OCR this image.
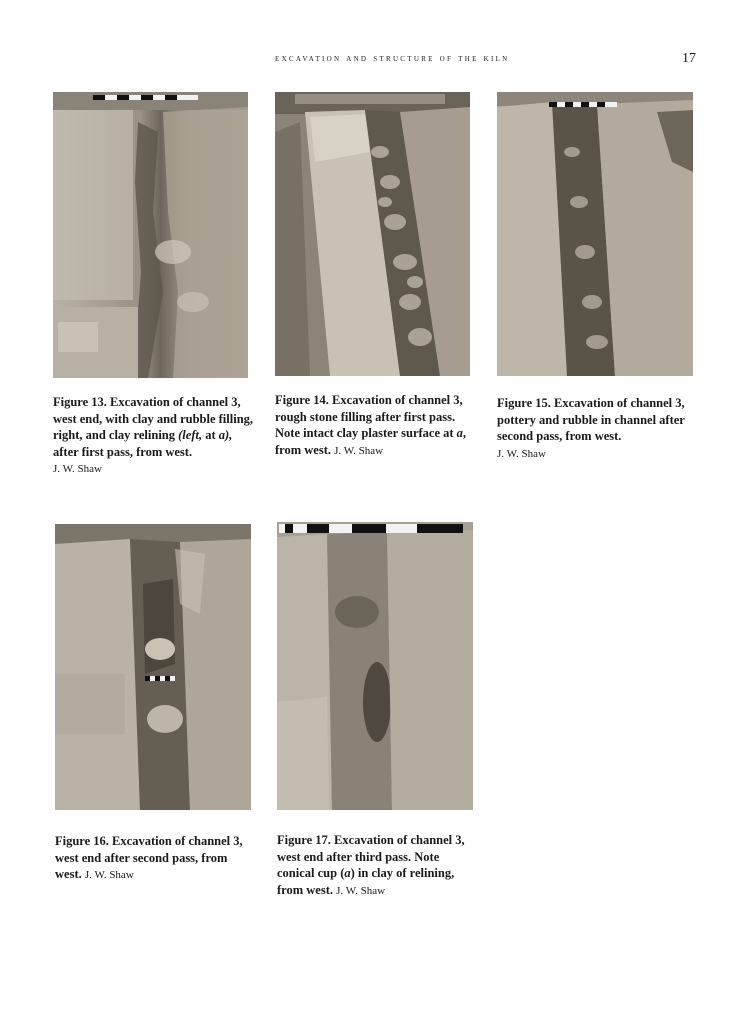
excavation and structure of the kiln	17
Figure 13. Excavation of channel 3, west end, with clay and rubble filling, right, and clay relining (left, at a), after first pass, from west.
J. W. Shaw
Figure 14. Excavation of channel 3, rough stone filling after first pass. Note intact clay plaster surface at a, from west. J. W. Shaw
Figure 15. Excavation of channel 3, pottery and rubble in channel after second pass, from west.
J. W. Shaw
Figure 16. Excavation of channel 3, west end after second pass, from west. J. W. Shaw
Figure 17. Excavation of channel 3, west end after third pass. Note conical cup (a) in clay of relining, from west. J. W. Shaw
